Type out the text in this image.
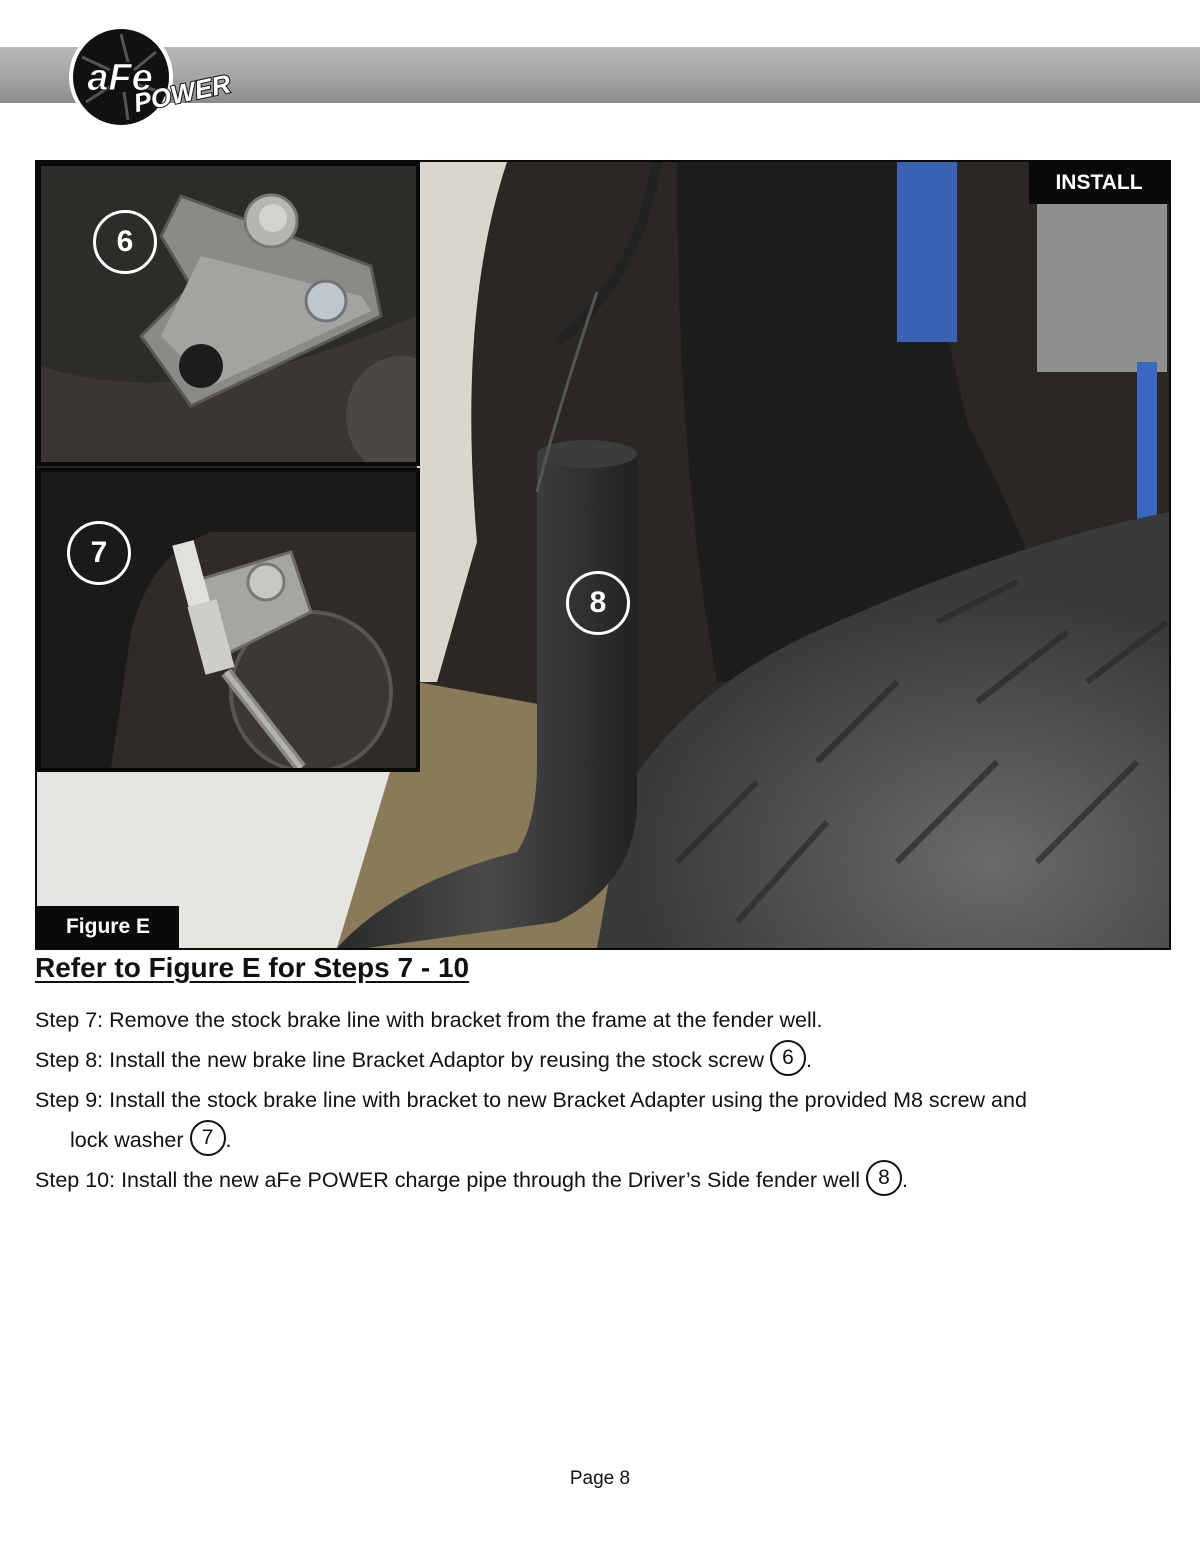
aFe
POWER
6
7
8
INSTALL
Figure E
Refer to Figure E for Steps 7 - 10

Step 7: Remove the stock brake line with bracket from the frame at the fender well.

Step 8: Install the new brake line Bracket Adaptor by reusing the stock screw 6 .

Step 9: Install the stock brake line with bracket to new Bracket Adapter using the provided M8 screw and
lock washer 7 .

Step 10: Install the new aFe POWER charge pipe through the Driver’s Side fender well 8 .

Page 8
